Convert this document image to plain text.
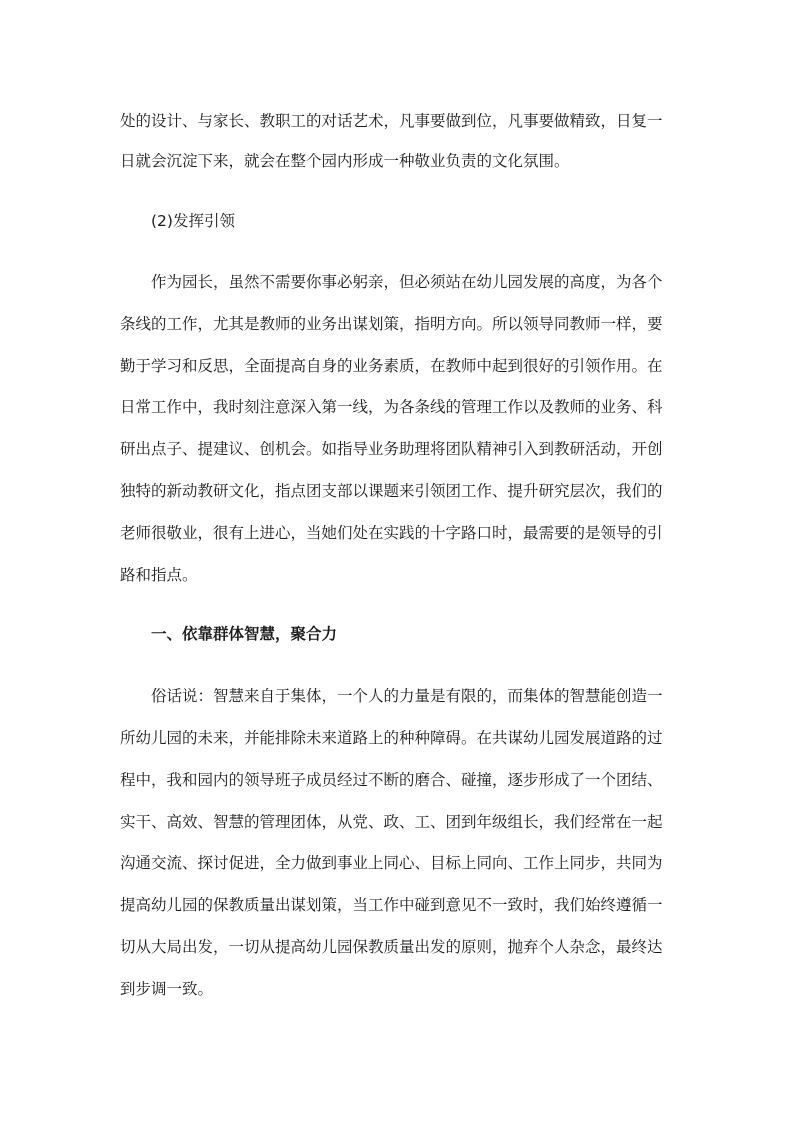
处的设计、与家长、教职工的对话艺术，凡事要做到位，凡事要做精致，日复一
日就会沉淀下来，就会在整个园内形成一种敬业负责的文化氛围。
(2)发挥引领
作为园长，虽然不需要你事必躬亲，但必须站在幼儿园发展的高度，为各个
条线的工作，尤其是教师的业务出谋划策，指明方向。所以领导同教师一样，要
勤于学习和反思，全面提高自身的业务素质，在教师中起到很好的引领作用。在
日常工作中，我时刻注意深入第一线，为各条线的管理工作以及教师的业务、科
研出点子、提建议、创机会。如指导业务助理将团队精神引入到教研活动，开创
独特的新动教研文化，指点团支部以课题来引领团工作、提升研究层次，我们的
老师很敬业，很有上进心，当她们处在实践的十字路口时，最需要的是领导的引
路和指点。
一、依靠群体智慧，聚合力
俗话说：智慧来自于集体，一个人的力量是有限的，而集体的智慧能创造一
所幼儿园的未来，并能排除未来道路上的种种障碍。在共谋幼儿园发展道路的过
程中，我和园内的领导班子成员经过不断的磨合、碰撞，逐步形成了一个团结、
实干、高效、智慧的管理团体，从党、政、工、团到年级组长，我们经常在一起
沟通交流、探讨促进，全力做到事业上同心、目标上同向、工作上同步，共同为
提高幼儿园的保教质量出谋划策，当工作中碰到意见不一致时，我们始终遵循一
切从大局出发，一切从提高幼儿园保教质量出发的原则，抛弃个人杂念，最终达
到步调一致。
